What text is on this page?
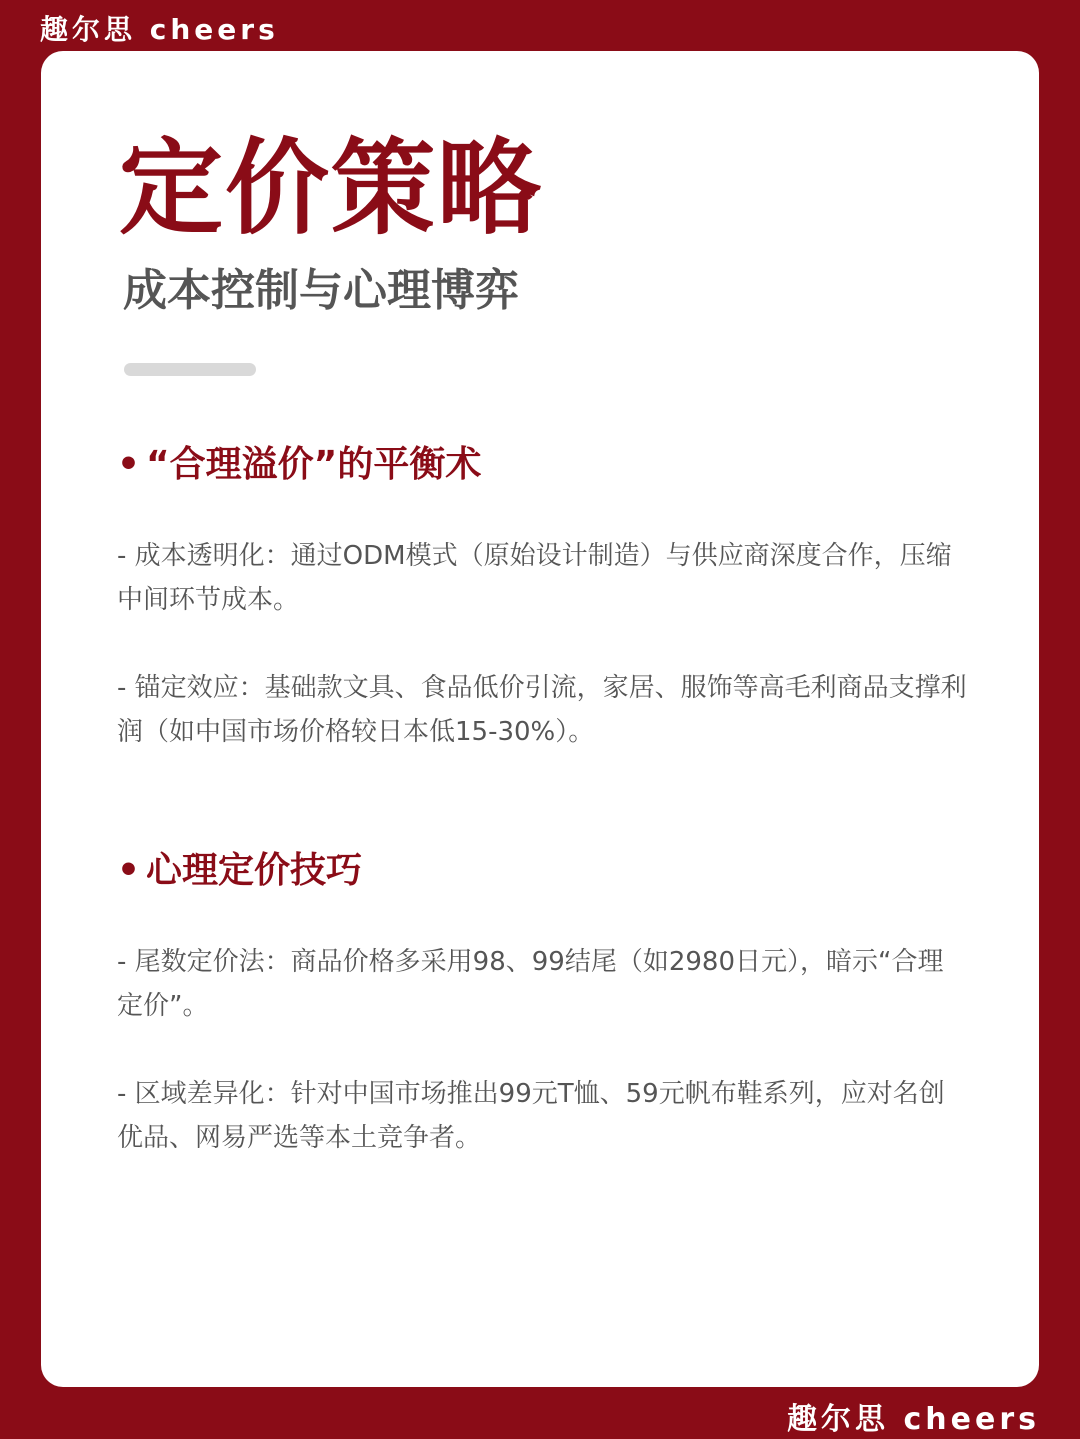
趣尔思 cheers
定价策略
成本控制与心理博弈
• “合理溢价”的平衡术

- 成本透明化：通过ODM模式（原始设计制造）与供应商深度合作，压缩中间环节成本。

- 锚定效应：基础款文具、食品低价引流，家居、服饰等高毛利商品支撑利润（如中国市场价格较日本低15-30%）。

• 心理定价技巧

- 尾数定价法：商品价格多采用98、99结尾（如2980日元），暗示“合理定价”。

- 区域差异化：针对中国市场推出99元T恤、59元帆布鞋系列，应对名创优品、网易严选等本土竞争者。

趣尔思 cheers
